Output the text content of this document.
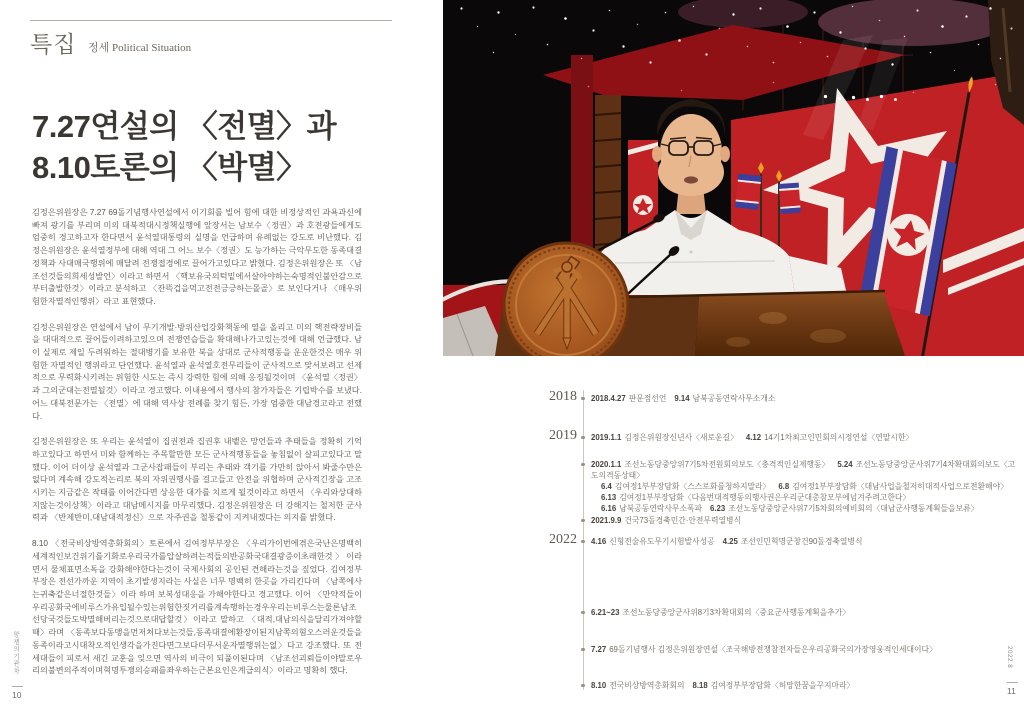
특집 정세 Political Situation
7.27연설의 〈전멸〉과
8.10토론의 〈박멸〉

김정은위원장은 7.27 69돌기념행사연설에서 이기회를 빌어 힘에 대한 비정상적인 과욕과신에 빠져 광기를 부리며 미의 대북적대시정책실행에 앞장서는 남보수〈정권〉과 호전광들에게도 엄중히 경고하고자 한다면서 윤석열대통령의 실명을 언급하며 유례없는 강도로 비난했다. 김정은위원장은 윤석열정부에 대해 역대 그 어느 보수〈정권〉도 능가하는 극악무도한 동족대결정책과 사대매국행위에 매달려 전쟁접경에로 끌어가고있다고 밝혔다. 김정은위원장은 또 〈남조선것들의희세성발언〉이라고 하면서 〈핵보유국의턱밑에서살아야하는숙명적인불안감으로부터출발한것〉이라고 분석하고 〈잔뜩겁을먹고전전긍긍하는몰골〉로 보인다거나 〈매우위험한자멸적인행위〉라고 표현했다.

김정은위원장은 연설에서 남이 무기개발·방위산업강화책동에 열을 올리고 미의 핵전략장비들을 대대적으로 끌어들이려하고있으며 전쟁연습들을 확대해나가고있는것에 대해 언급했다. 남이 실제로 제일 두려워하는 절대병기를 보유한 북을 상대로 군사적행동을 운운한것은 매우 위험한 자멸적인 행위라고 단언했다. 윤석열과 윤석열호전무리들이 군사적으로 맞서보려고 선제적으로 무력화시키려는 위험한 시도는 즉시 강력한 힘에 의해 응징될것이며 〈윤석열〈정권〉과 그의군대는전멸될것〉이라고 경고했다. 이내용에서 행사의 참가자들은 기립박수를 보냈다. 어느 대북전문가는 〈전멸〉에 대해 역사상 전례를 찾기 힘든, 가장 엄중한 대남경고라고 전했다.

김정은위원장은 또 우리는 윤석열이 집권전과 집권후 내뱉은 망언들과 추태들을 정확히 기억하고있다고 하면서 미와 함께하는 주목할만한 모든 군사적행동들을 놓침없이 살피고있다고 말했다. 이어 더이상 윤석열과 그군사잡패들이 부리는 추태와 객기를 가만히 앉아서 봐줄수만은 없다며 계속해 강도적논리로 북의 자위권행사를 걸고들고 안전을 위협하며 군사적긴장을 고조시키는 지금같은 작태를 이어간다면 상응한 대가를 치르게 될것이라고 하면서 〈우리와상대하지않는것이상책〉이라고 대남메시지를 마무리했다. 김정은위원장은 더 강해지는 철저한 군사력과 〈반제반미,대남대적정신〉으로 자주권을 철통같이 지켜내겠다는 의지를 밝혔다.

8.10 〈전국비상방역총화회의〉토론에서 김여정부부장은 〈우리가이번에겪은국난은명백히세계적인보건위기를기화로우리국가를압살하려는적들의반공화국대결광증이초래한것〉이라면서 물체표면소독을 강화해야한다는것이 국제사회의 공인된 견해라는것을 짚었다. 김여정부부장은 전선가까운 지역이 초기발생지라는 사실은 너무 명백히 한곳을 가리킨다며 〈남쪽에사는귀축같은너절한것들〉이라 하며 보복성대응을 가해야한다고 경고했다. 이어 〈만약적들이우리공화국에비루스가유입될수있는위험한짓거리를계속행하는경우우리는비루스는물론남조선당국것들도박멸해버리는것으로대답할것〉이라고 말하고 〈대적,대남의식을달리가져야할때〉라며 〈동족보다동맹을먼저쳐다보는것들,동족대결에환장이된지남쪽의혐오스러운것들을동족이라고시대착오적인생각을가진다면그보다더무서운자멸행위는없〉다고 강조했다. 또 전세대들이 피로서 새긴 교훈을 잊으면 역사의 비극이 되풀이된다며 〈남조선괴뢰들이야말로우리의불변의주적이며혁명투쟁의승패를좌우하는근본요인은계급의식〉이라고 명확히 했다.

항쟁의기관차
10
2018 2018.4.27 판문점선언 9.14 남북공동연락사무소개소
2019 2019.1.1 김정은위원장신년사〈새로운길〉 4.12 14기1차최고인민회의시정연설〈연말시한〉
2020.1.1 조선노동당중앙위7기5차전원회의보도〈충격적인실제행동〉 5.24 조선노동당중앙군사위7기4차확대회의보도〈고도의격동상태〉
6.4 김여정1부부장담화〈스스로화를청하지말라〉 6.8 김여정1부부장담화〈대남사업을철저히대적사업으로전환해야〉
6.13 김여정1부부장담화〈다음번대적행동의행사권은우리군대총참모부에넘겨주려고한다〉
6.16 남북공동연락사무소폭파 6.23 조선노동당중앙군사위7기5차회의예비회의〈대남군사행동계획들을보류〉
2021.9.9 건국73돌경축민간·안전무력열병식
2022 4.16 신형전술유도무기시험발사성공 4.25 조선인민혁명군창건90돌경축열병식
6.21~23 조선노동당중앙군사위8기3차확대회의〈중요군사행동계획을추가〉
7.27 69돌기념행사 김정은위원장연설〈조국해방전쟁참전자들은우리공화국의가장영웅적인세대이다〉
8.10 전국비상방역총화회의 8.18 김여정부부장담화〈허망한꿈을꾸지마라〉
2022.8
11
